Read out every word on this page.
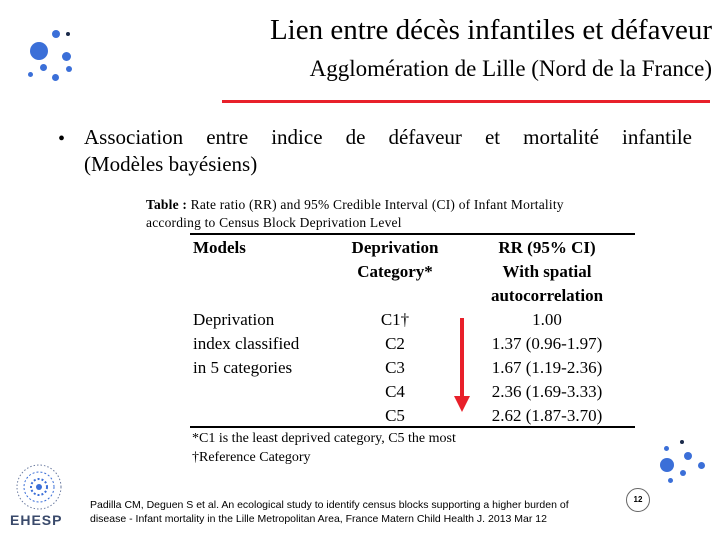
Lien entre décès infantiles et défaveur
Agglomération de Lille (Nord de la France)
• Association entre indice de défaveur et mortalité infantile
(Modèles bayésiens)
Table : Rate ratio (RR) and 95% Credible Interval (CI) of Infant Mortality
according to Census Block Deprivation Level
Models	Deprivation
Category*
RR (95% CI)
With spatial
autocorrelation
Deprivation
index classified
in 5 categories
C1†
C2
C3
C4
C5
1.00
1.37 (0.96-1.97)
1.67 (1.19-2.36)
2.36 (1.69-3.33)
2.62 (1.87-3.70)
*C1 is the least deprived category, C5 the most
†Reference Category
12
Padilla CM, Deguen S et al. An ecological study to identify census blocks supporting a higher burden of
disease - Infant mortality in the Lille Metropolitan Area, France Matern Child Health J. 2013 Mar 12
EHESP
